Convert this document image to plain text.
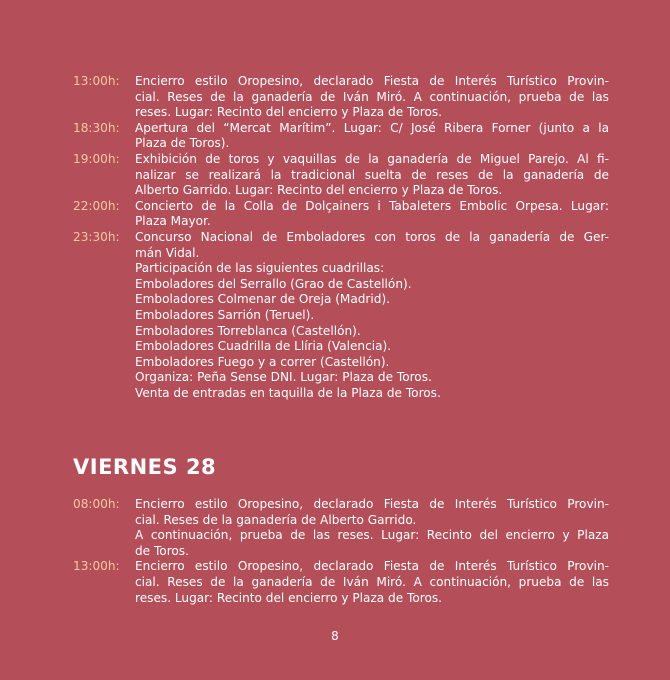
13:00h:	Encierro estilo Oropesino, declarado Fiesta de Interés Turístico Provin-
cial. Reses de la ganadería de Iván Miró. A continuación, prueba de las
reses. Lugar: Recinto del encierro y Plaza de Toros.
18:30h:	Apertura del “Mercat Marítim”. Lugar: C/ José Ribera Forner (junto a la
Plaza de Toros).
19:00h:	Exhibición de toros y vaquillas de la ganadería de Miguel Parejo. Al fi-
nalizar se realizará la tradicional suelta de reses de la ganadería de
Alberto Garrido. Lugar: Recinto del encierro y Plaza de Toros.
22:00h:	Concierto de la Colla de Dolçainers i Tabaleters Embolic Orpesa. Lugar:
Plaza Mayor.
23:30h:	Concurso Nacional de Emboladores con toros de la ganadería de Ger-
mán Vidal.
Participación de las siguientes cuadrillas:
Emboladores del Serrallo (Grao de Castellón).
Emboladores Colmenar de Oreja (Madrid).
Emboladores Sarrión (Teruel).
Emboladores Torreblanca (Castellón).
Emboladores Cuadrilla de Llíria (Valencia).
Emboladores Fuego y a correr (Castellón).
Organiza: Peña Sense DNI. Lugar: Plaza de Toros.
Venta de entradas en taquilla de la Plaza de Toros.
VIERNES 28
08:00h:	Encierro estilo Oropesino, declarado Fiesta de Interés Turístico Provin-
cial. Reses de la ganadería de Alberto Garrido.
A continuación, prueba de las reses. Lugar: Recinto del encierro y Plaza
de Toros.
13:00h:	Encierro estilo Oropesino, declarado Fiesta de Interés Turístico Provin-
cial. Reses de la ganadería de Iván Miró. A continuación, prueba de las
reses. Lugar: Recinto del encierro y Plaza de Toros.
8
